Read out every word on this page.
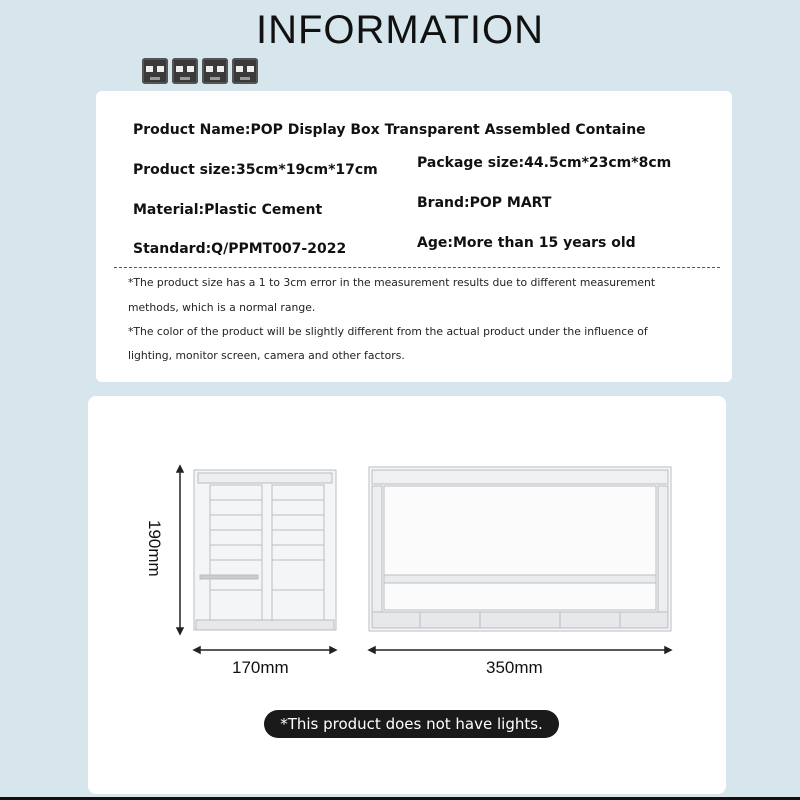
INFORMATION
Product Name:POP Display Box Transparent Assembled Containe
Product size:35cm*19cm*17cm	Package size:44.5cm*23cm*8cm
Material:Plastic Cement	Brand:POP MART
Standard:Q/PPMT007-2022	Age:More than 15 years old
*The product size has a 1 to 3cm error in the measurement results due to different measurement
methods, which is a normal range.
*The color of the product will be slightly different from the actual product under the influence of
lighting, monitor screen, camera and other factors.
190mm
170mm	350mm
*This product does not have lights.
